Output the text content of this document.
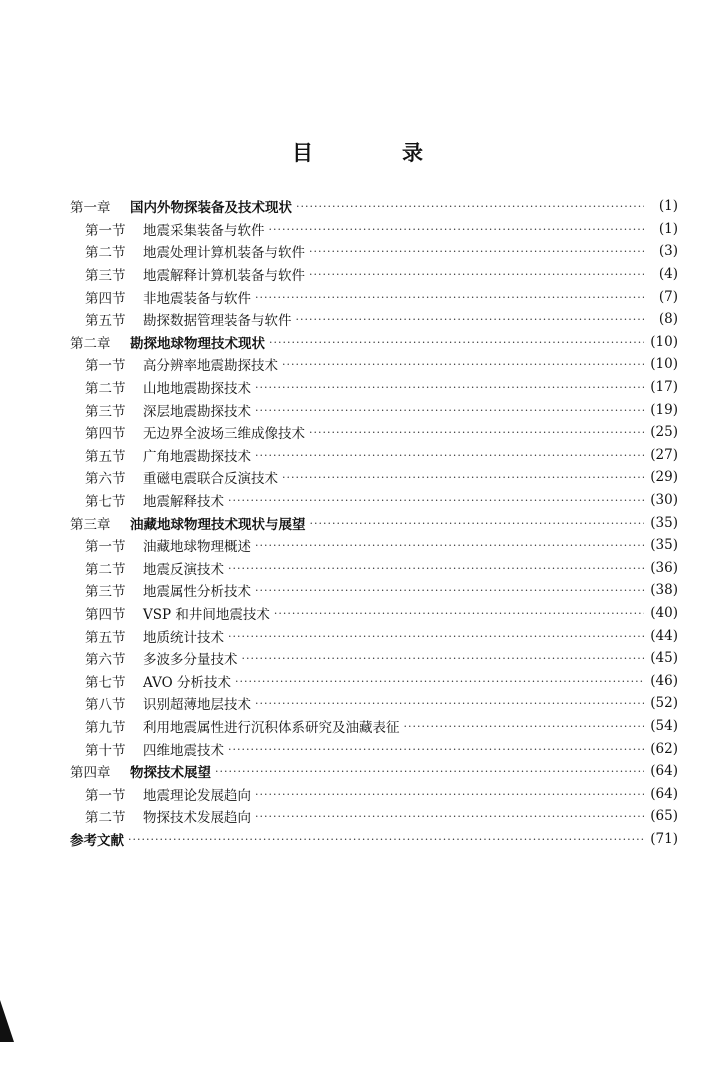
目　录
第一章	国内外物探装备及技术现状 ·····	(1)
第一节	地震采集装备与软件 ·····	(1)
第二节	地震处理计算机装备与软件 ·····	(3)
第三节	地震解释计算机装备与软件 ·····	(4)
第四节	非地震装备与软件 ·····	(7)
第五节	勘探数据管理装备与软件 ·····	(8)
第二章	勘探地球物理技术现状 ·····	(10)
第一节	高分辨率地震勘探技术 ·····	(10)
第二节	山地地震勘探技术 ·····	(17)
第三节	深层地震勘探技术 ·····	(19)
第四节	无边界全波场三维成像技术 ·····	(25)
第五节	广角地震勘探技术 ·····	(27)
第六节	重磁电震联合反演技术 ·····	(29)
第七节	地震解释技术 ·····	(30)
第三章	油藏地球物理技术现状与展望 ·····	(35)
第一节	油藏地球物理概述 ·····	(35)
第二节	地震反演技术 ·····	(36)
第三节	地震属性分析技术 ·····	(38)
第四节	VSP 和井间地震技术 ·····	(40)
第五节	地质统计技术 ·····	(44)
第六节	多波多分量技术 ·····	(45)
第七节	AVO 分析技术 ·····	(46)
第八节	识别超薄地层技术 ·····	(52)
第九节	利用地震属性进行沉积体系研究及油藏表征 ·····	(54)
第十节	四维地震技术 ·····	(62)
第四章	物探技术展望 ·····	(64)
第一节	地震理论发展趋向 ·····	(64)
第二节	物探技术发展趋向 ·····	(65)
参考文献 ·····	(71)
